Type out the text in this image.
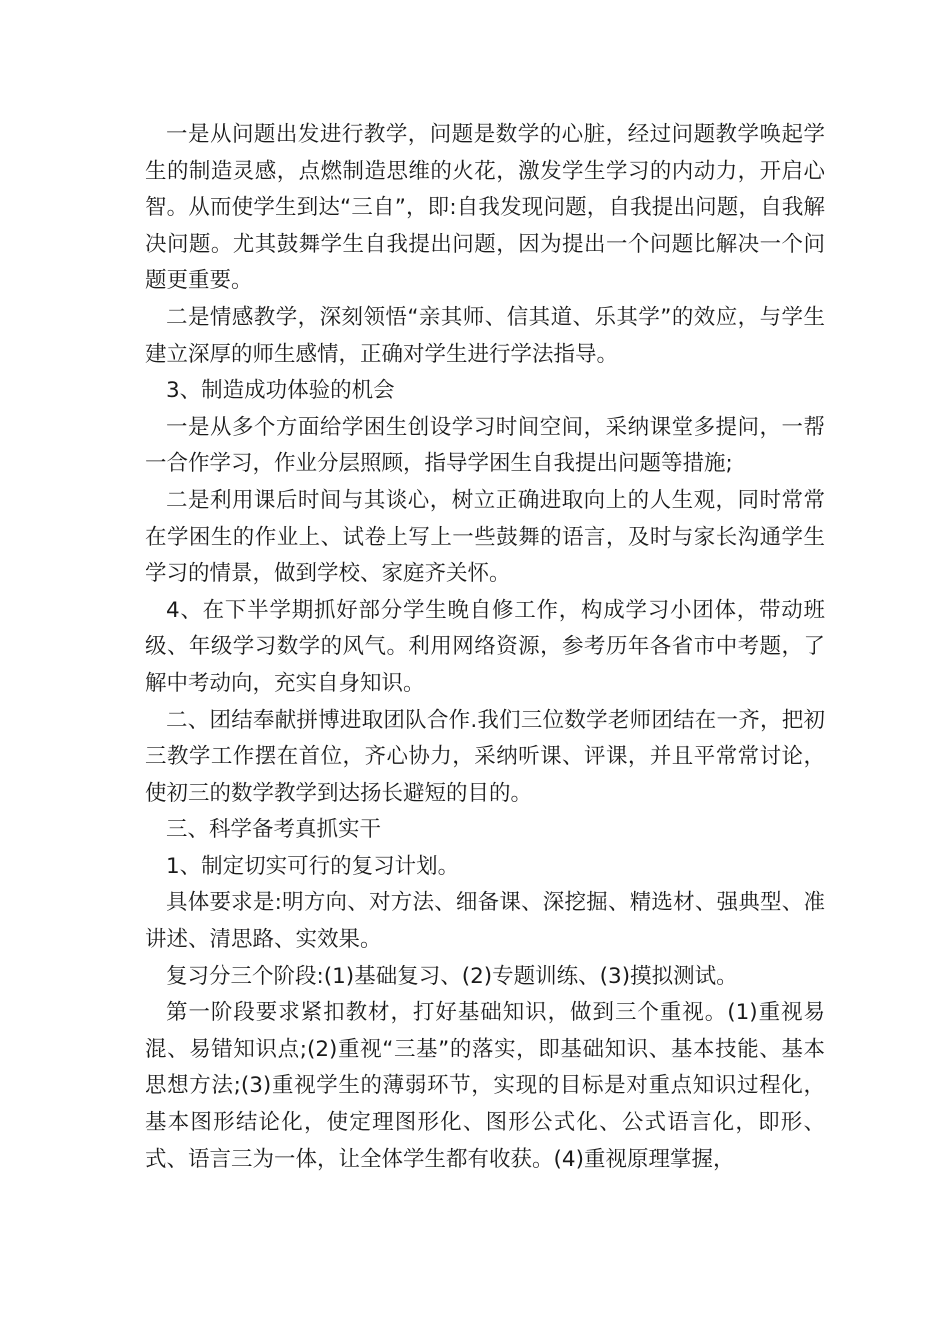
一是从问题出发进行教学，问题是数学的心脏，经过问题教学唤起学生的制造灵感，点燃制造思维的火花，激发学生学习的内动力，开启心智。从而使学生到达“三自”，即:自我发现问题，自我提出问题，自我解决问题。尤其鼓舞学生自我提出问题，因为提出一个问题比解决一个问题更重要。

二是情感教学，深刻领悟“亲其师、信其道、乐其学”的效应，与学生建立深厚的师生感情，正确对学生进行学法指导。

3、制造成功体验的机会

一是从多个方面给学困生创设学习时间空间，采纳课堂多提问，一帮一合作学习，作业分层照顾，指导学困生自我提出问题等措施;

二是利用课后时间与其谈心，树立正确进取向上的人生观，同时常常在学困生的作业上、试卷上写上一些鼓舞的语言，及时与家长沟通学生学习的情景，做到学校、家庭齐关怀。

4、在下半学期抓好部分学生晚自修工作，构成学习小团体，带动班级、年级学习数学的风气。利用网络资源，参考历年各省市中考题，了解中考动向，充实自身知识。

二、团结奉献拼博进取团队合作.我们三位数学老师团结在一齐，把初三教学工作摆在首位，齐心协力，采纳听课、评课，并且平常常讨论，使初三的数学教学到达扬长避短的目的。

三、科学备考真抓实干

1、制定切实可行的复习计划。

具体要求是:明方向、对方法、细备课、深挖掘、精选材、强典型、准讲述、清思路、实效果。

复习分三个阶段:(1)基础复习、(2)专题训练、(3)摸拟测试。

第一阶段要求紧扣教材，打好基础知识，做到三个重视。(1)重视易混、易错知识点;(2)重视“三基”的落实，即基础知识、基本技能、基本思想方法;(3)重视学生的薄弱环节，实现的目标是对重点知识过程化，基本图形结论化，使定理图形化、图形公式化、公式语言化，即形、式、语言三为一体，让全体学生都有收获。(4)重视原理掌握，
